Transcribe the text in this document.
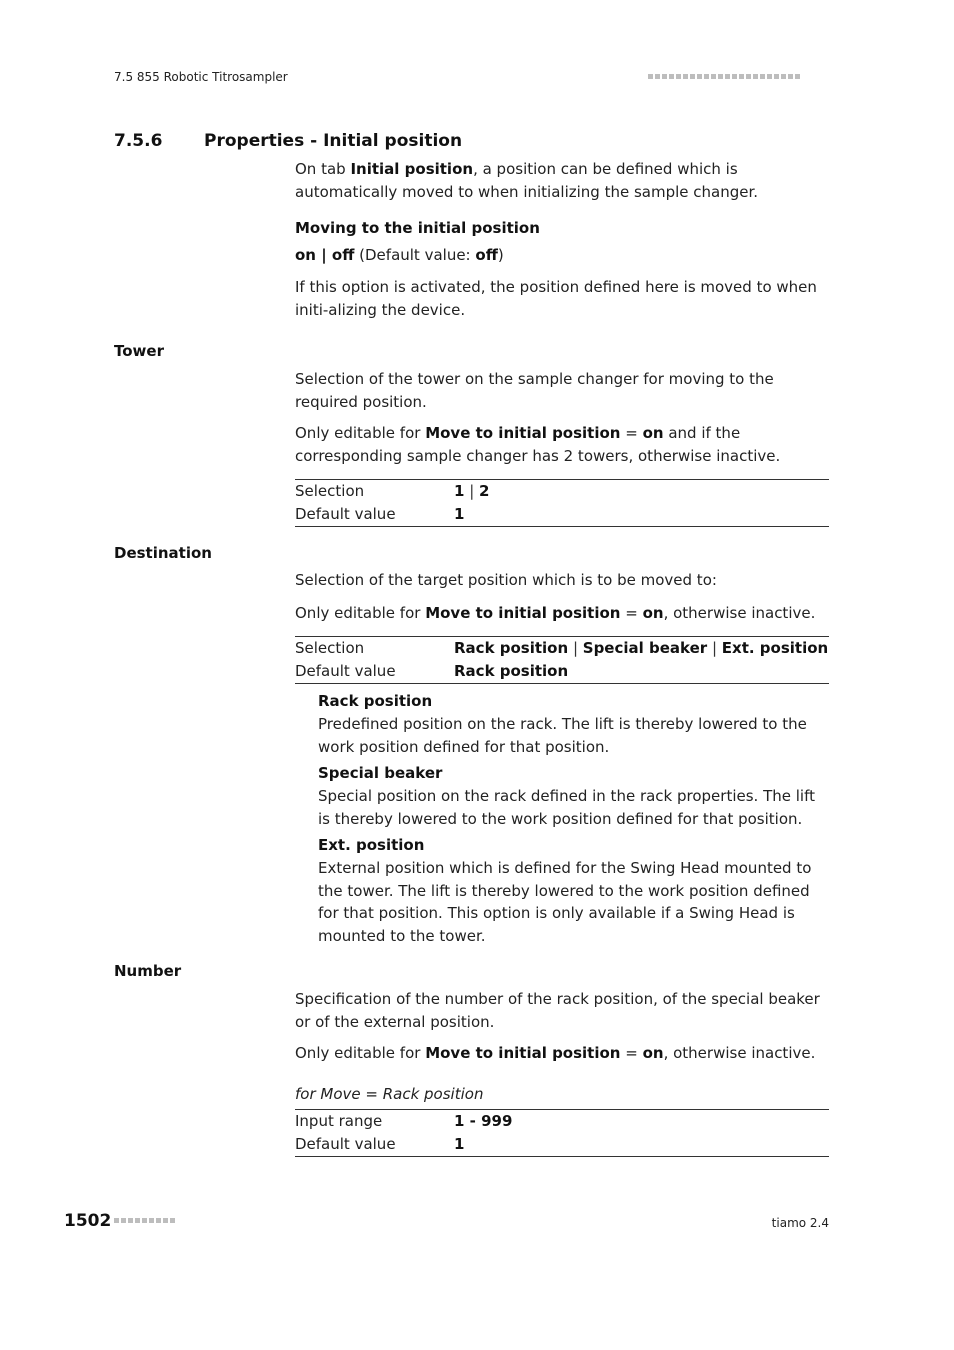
7.5 855 Robotic Titrosampler
7.5.6 Properties - Initial position
On tab Initial position, a position can be defined which is automatically moved to when initializing the sample changer.
Moving to the initial position
on | off (Default value: off)
If this option is activated, the position defined here is moved to when initi-alizing the device.
Tower
Selection of the tower on the sample changer for moving to the required position.
Only editable for Move to initial position = on and if the corresponding sample changer has 2 towers, otherwise inactive.
Selection	1 | 2
Default value	1
Destination
Selection of the target position which is to be moved to:
Only editable for Move to initial position = on, otherwise inactive.
Selection	Rack position | Special beaker | Ext. position
Default value	Rack position
Rack position
Predefined position on the rack. The lift is thereby lowered to the work position defined for that position.
Special beaker
Special position on the rack defined in the rack properties. The lift is thereby lowered to the work position defined for that position.
Ext. position
External position which is defined for the Swing Head mounted to the tower. The lift is thereby lowered to the work position defined for that position. This option is only available if a Swing Head is mounted to the tower.
Number
Specification of the number of the rack position, of the special beaker or of the external position.
Only editable for Move to initial position = on, otherwise inactive.
for Move = Rack position
Input range	1 - 999
Default value	1
1502	tiamo 2.4
